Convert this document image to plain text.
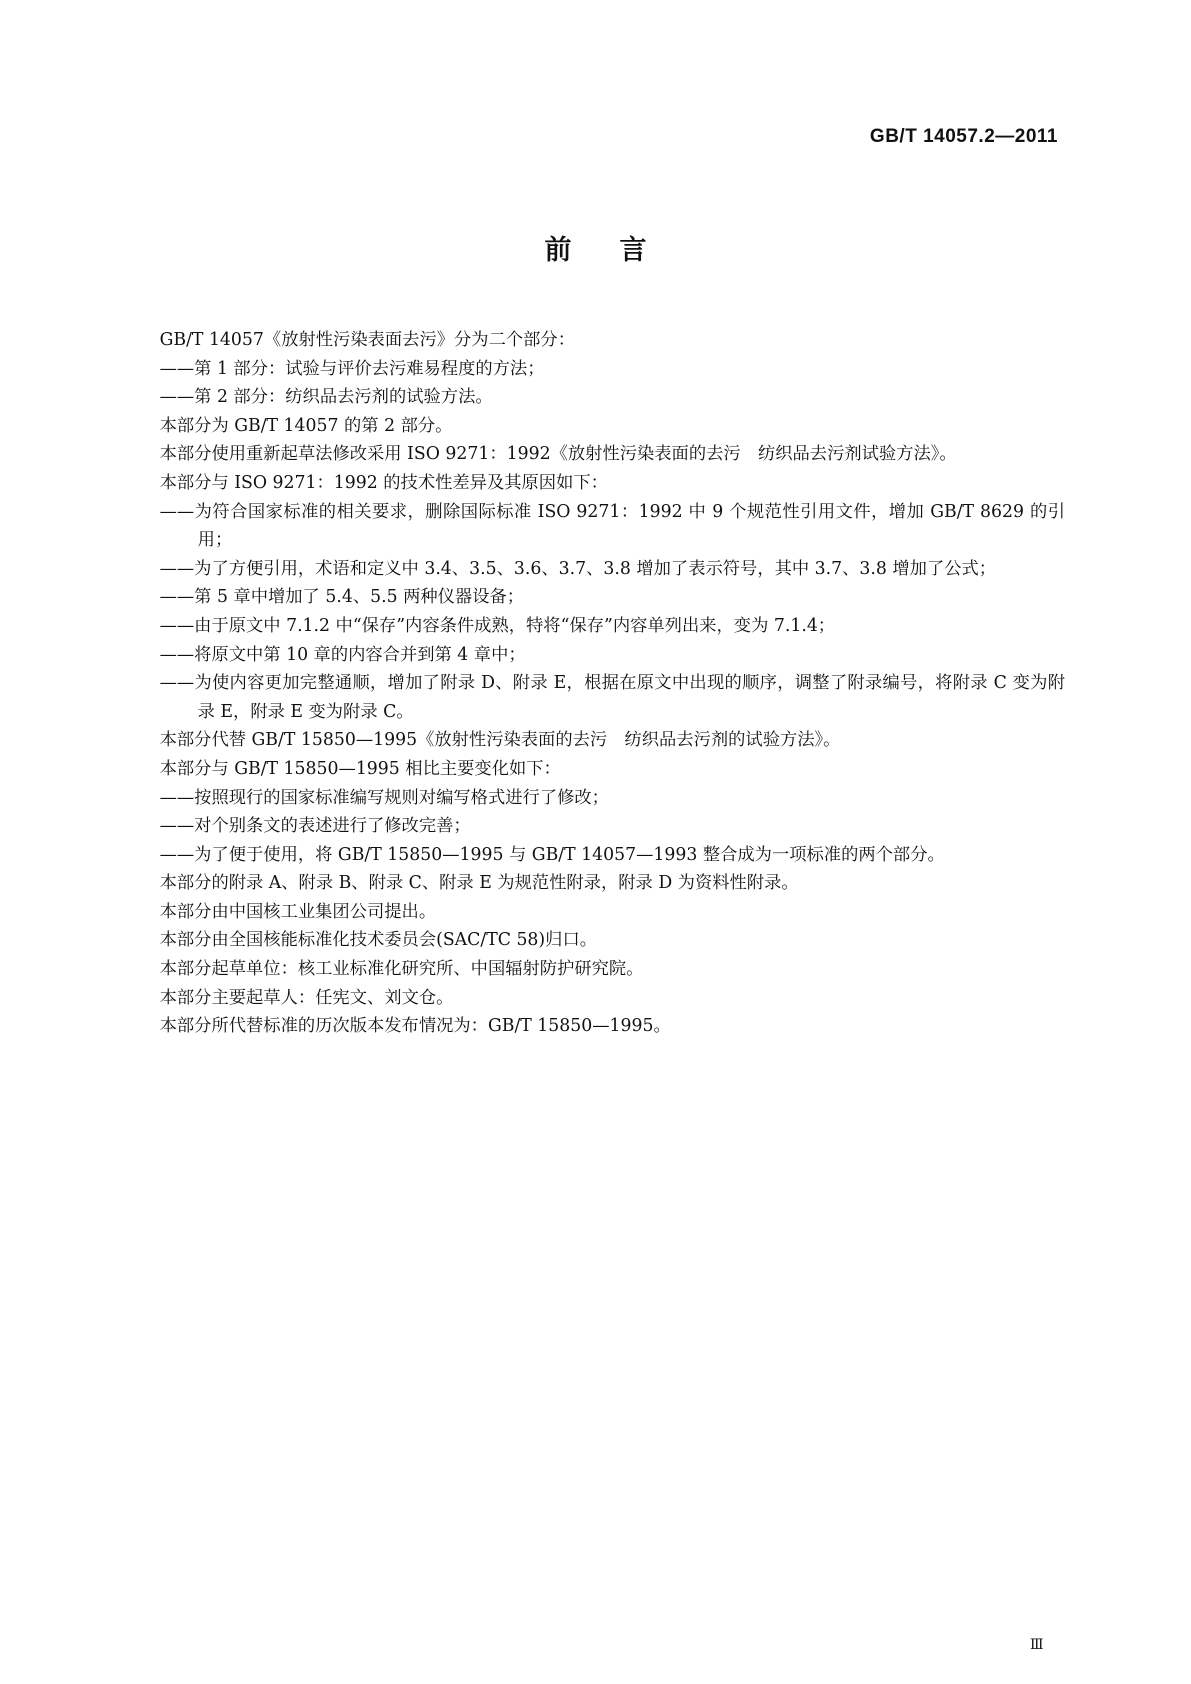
GB/T 14057.2—2011
前言

GB/T 14057《放射性污染表面去污》分为二个部分：

——第 1 部分：试验与评价去污难易程度的方法；

——第 2 部分：纺织品去污剂的试验方法。

本部分为 GB/T 14057 的第 2 部分。

本部分使用重新起草法修改采用 ISO 9271：1992《放射性污染表面的去污　纺织品去污剂试验方法》。

本部分与 ISO 9271：1992 的技术性差异及其原因如下：

——为符合国家标准的相关要求，删除国际标准 ISO 9271：1992 中 9 个规范性引用文件，增加 GB/T 8629 的引用；

——为了方便引用，术语和定义中 3.4、3.5、3.6、3.7、3.8 增加了表示符号，其中 3.7、3.8 增加了公式；

——第 5 章中增加了 5.4、5.5 两种仪器设备；

——由于原文中 7.1.2 中“保存”内容条件成熟，特将“保存”内容单列出来，变为 7.1.4；

——将原文中第 10 章的内容合并到第 4 章中；

——为使内容更加完整通顺，增加了附录 D、附录 E，根据在原文中出现的顺序，调整了附录编号，将附录 C 变为附录 E，附录 E 变为附录 C。

本部分代替 GB/T 15850—1995《放射性污染表面的去污　纺织品去污剂的试验方法》。

本部分与 GB/T 15850—1995 相比主要变化如下：

——按照现行的国家标准编写规则对编写格式进行了修改；

——对个别条文的表述进行了修改完善；

——为了便于使用，将 GB/T 15850—1995 与 GB/T 14057—1993 整合成为一项标准的两个部分。

本部分的附录 A、附录 B、附录 C、附录 E 为规范性附录，附录 D 为资料性附录。

本部分由中国核工业集团公司提出。

本部分由全国核能标准化技术委员会(SAC/TC 58)归口。

本部分起草单位：核工业标准化研究所、中国辐射防护研究院。

本部分主要起草人：任宪文、刘文仓。

本部分所代替标准的历次版本发布情况为：GB/T 15850—1995。

Ⅲ
